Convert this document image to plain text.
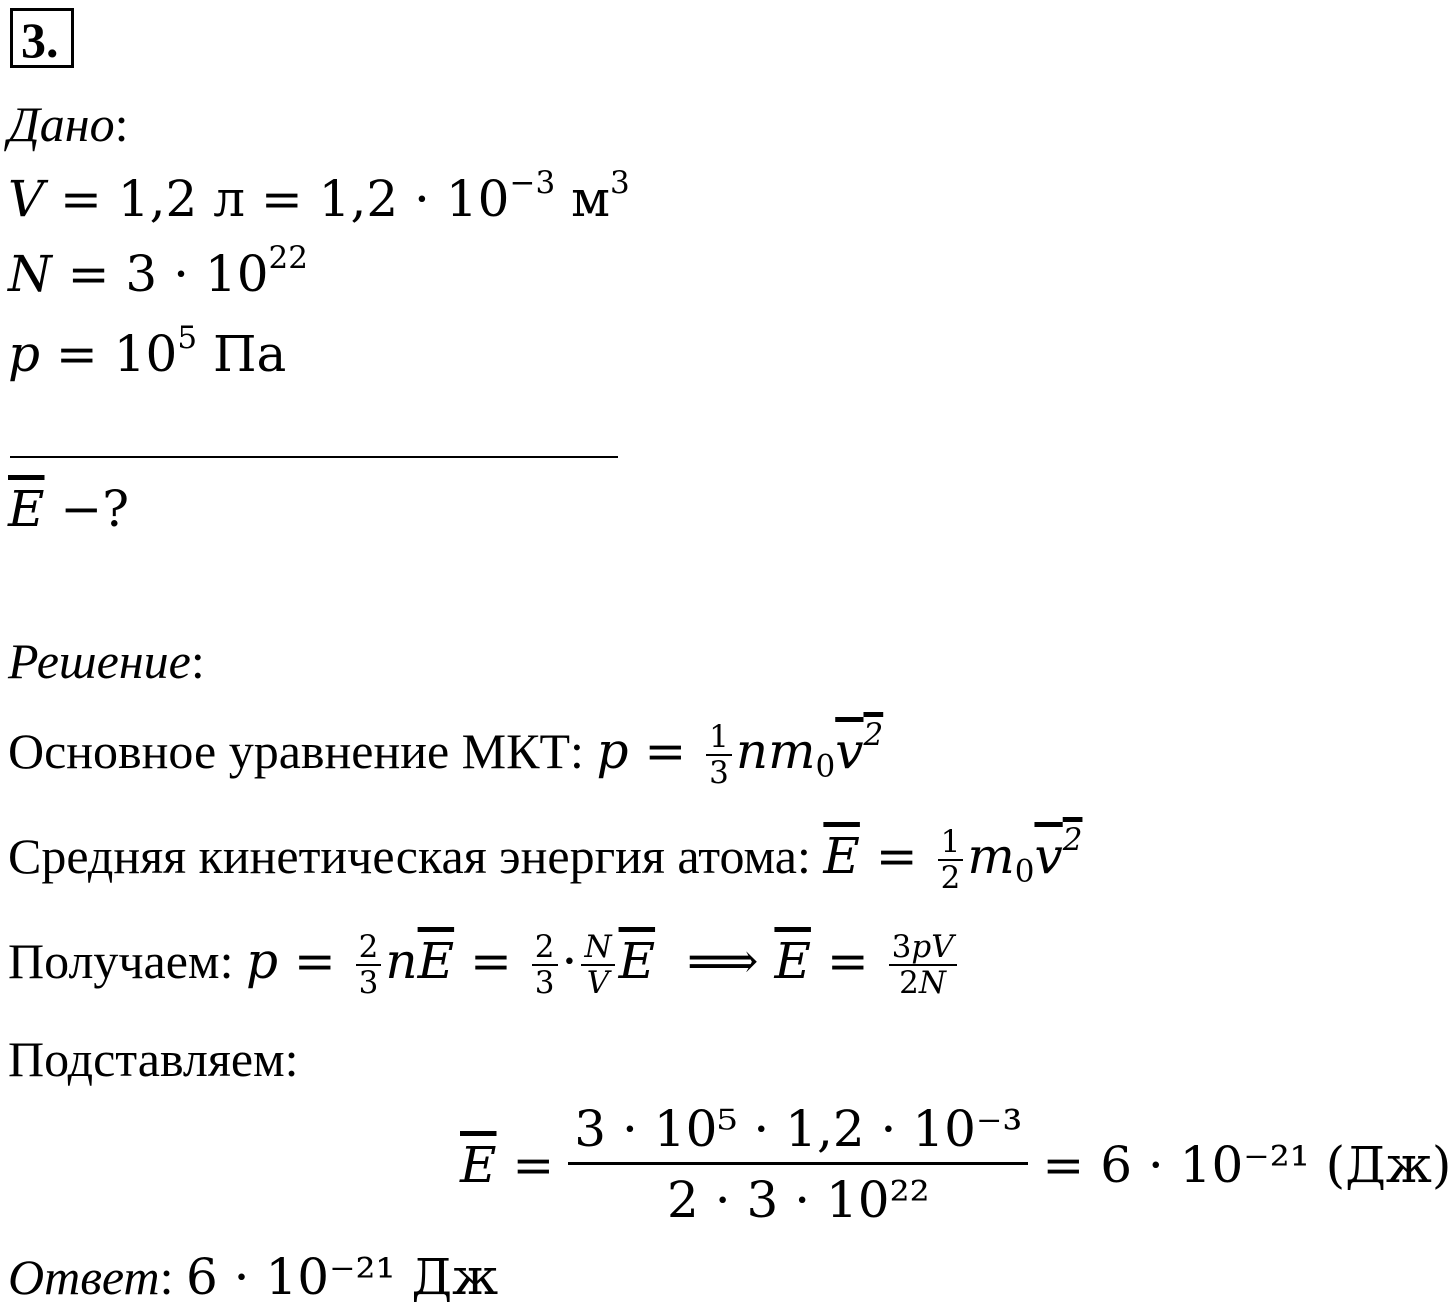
3.
Дано:
V = 1,2 $л = 1,2 \cdot 10^{-3}$ $м^3$
$N = 3 \cdot 10^{22}$
$p = 10^5$ Па
$\overline{E}$ −?
Решение:
Основное уравнение МКТ: $p = \frac{1}{3} nm_0v^2$
Средняя кинетическая энергия атома: $\overline{E} = \frac{1}{2} m_0v^2$
Получаем: $p = \frac{2}{3} n\overline{E} = \frac{2}{3} \cdot \frac{N}{V} \overline{E}$  ⟹ $\overline{E} = \frac{3pV}{2N}$
Подставляем:
$\overline{E} = \frac{\text{3 · 10⁵ · 1,2 · 10⁻³}}{\text{2 · 3 · 10²²}} = 6 \cdot 10^{-21}$ (Дж)
Ответ: 6 · 10⁻²¹ Дж
